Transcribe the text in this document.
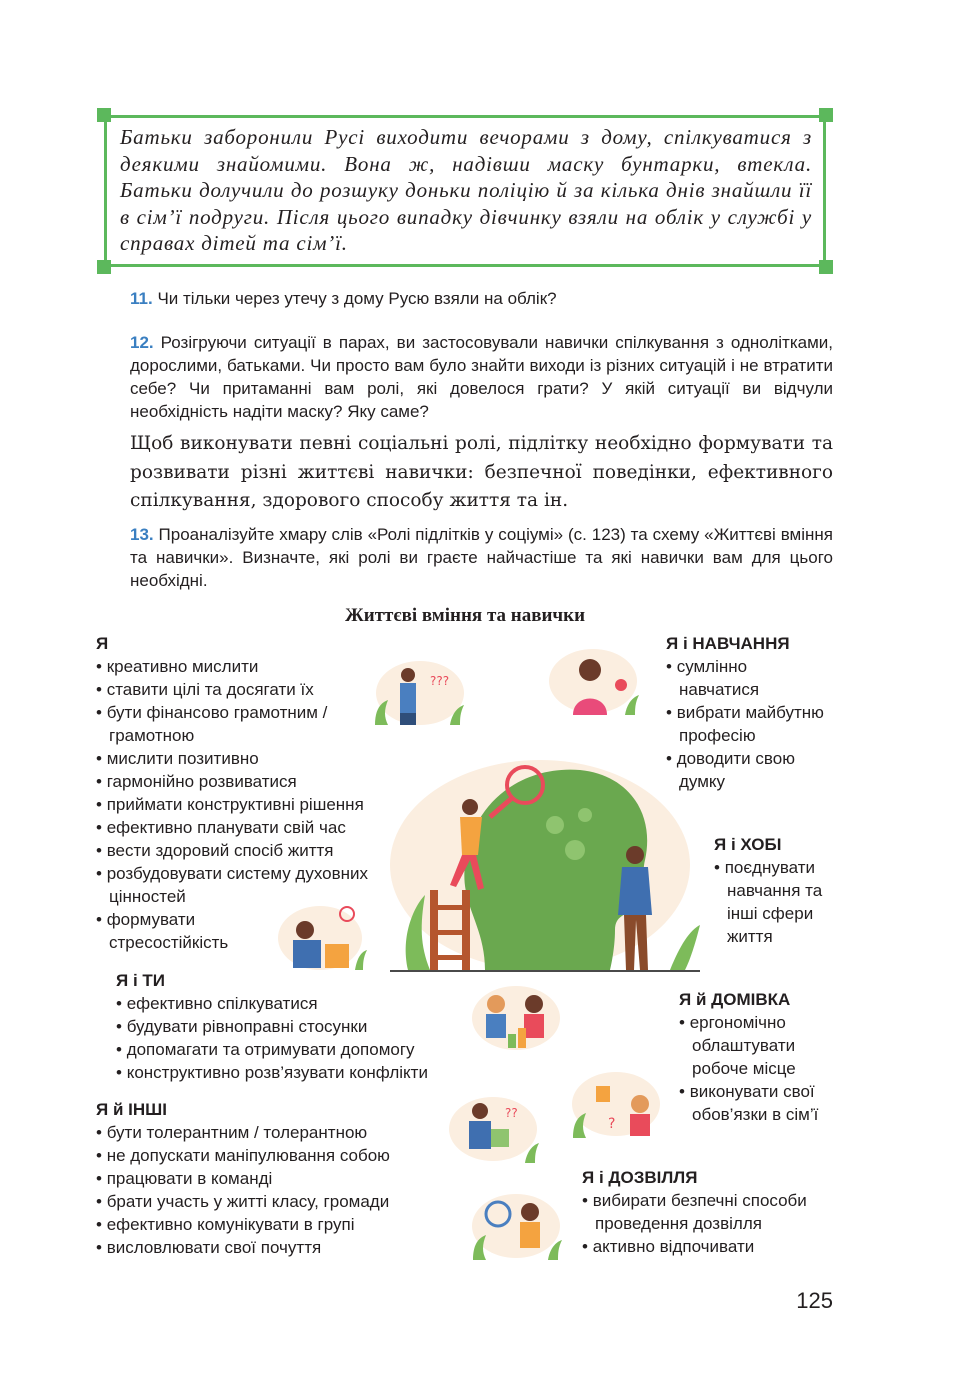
Батьки заборонили Русі виходити вечорами з дому, спілкуватися з деякими знайомими. Вона ж, надівши маску бунтарки, втекла. Батьки долучили до розшуку доньки поліцію й за кілька днів знайшли її в сім’ї подруги. Після цього випадку дівчинку взяли на облік у службі у справах дітей та сім’ї.
11. Чи тільки через утечу з дому Русю взяли на облік?
12. Розігруючи ситуації в парах, ви застосовували навички спілкування з однолітками, дорослими, батьками. Чи просто вам було знайти виходи із різних ситуацій і не втратити себе? Чи притаманні вам ролі, які довелося грати? У якій ситуації ви відчули необхідність надіти маску? Яку саме?
Щоб виконувати певні соціальні ролі, підлітку необхідно формувати та розвивати різні життєві навички: безпечної поведінки, ефективного спілкування, здорового способу життя та ін.
13. Проаналізуйте хмару слів «Ролі підлітків у соціумі» (с. 123) та схему «Життєві вміння та навички». Визначте, які ролі ви граєте найчастіше та які навички вам для цього необхідні.
Життєві вміння та навички
???
?
??
Я
• креативно мислити
• ставити цілі та досягати їх
• бути фінансово грамотним / грамотною
• мислити позитивно
• гармонійно розвиватися
• приймати конструктивні рішення
• ефективно планувати свій час
• вести здоровий спосіб життя
• розбудовувати систему духовних цінностей
• формувати стресостійкість
Я і НАВЧАННЯ
• сумлінно навчатися
• вибрати майбутню професію
• доводити свою думку
Я і ХОБІ
• поєднувати навчання та інші сфери життя
Я і ТИ
• ефективно спілкуватися
• будувати рівноправні стосунки
• допомагати та отримувати допомогу
• конструктивно розв’язувати конфлікти
Я й ДОМІВКА
• ергономічно облаштувати робоче місце
• виконувати свої обов’язки в сім’ї
Я й ІНШІ
• бути толерантним / толерантною
• не допускати маніпулювання собою
• працювати в команді
• брати участь у житті класу, громади
• ефективно комунікувати в групі
• висловлювати свої почуття
Я і ДОЗВІЛЛЯ
• вибирати безпечні способи проведення дозвілля
• активно відпочивати
125
